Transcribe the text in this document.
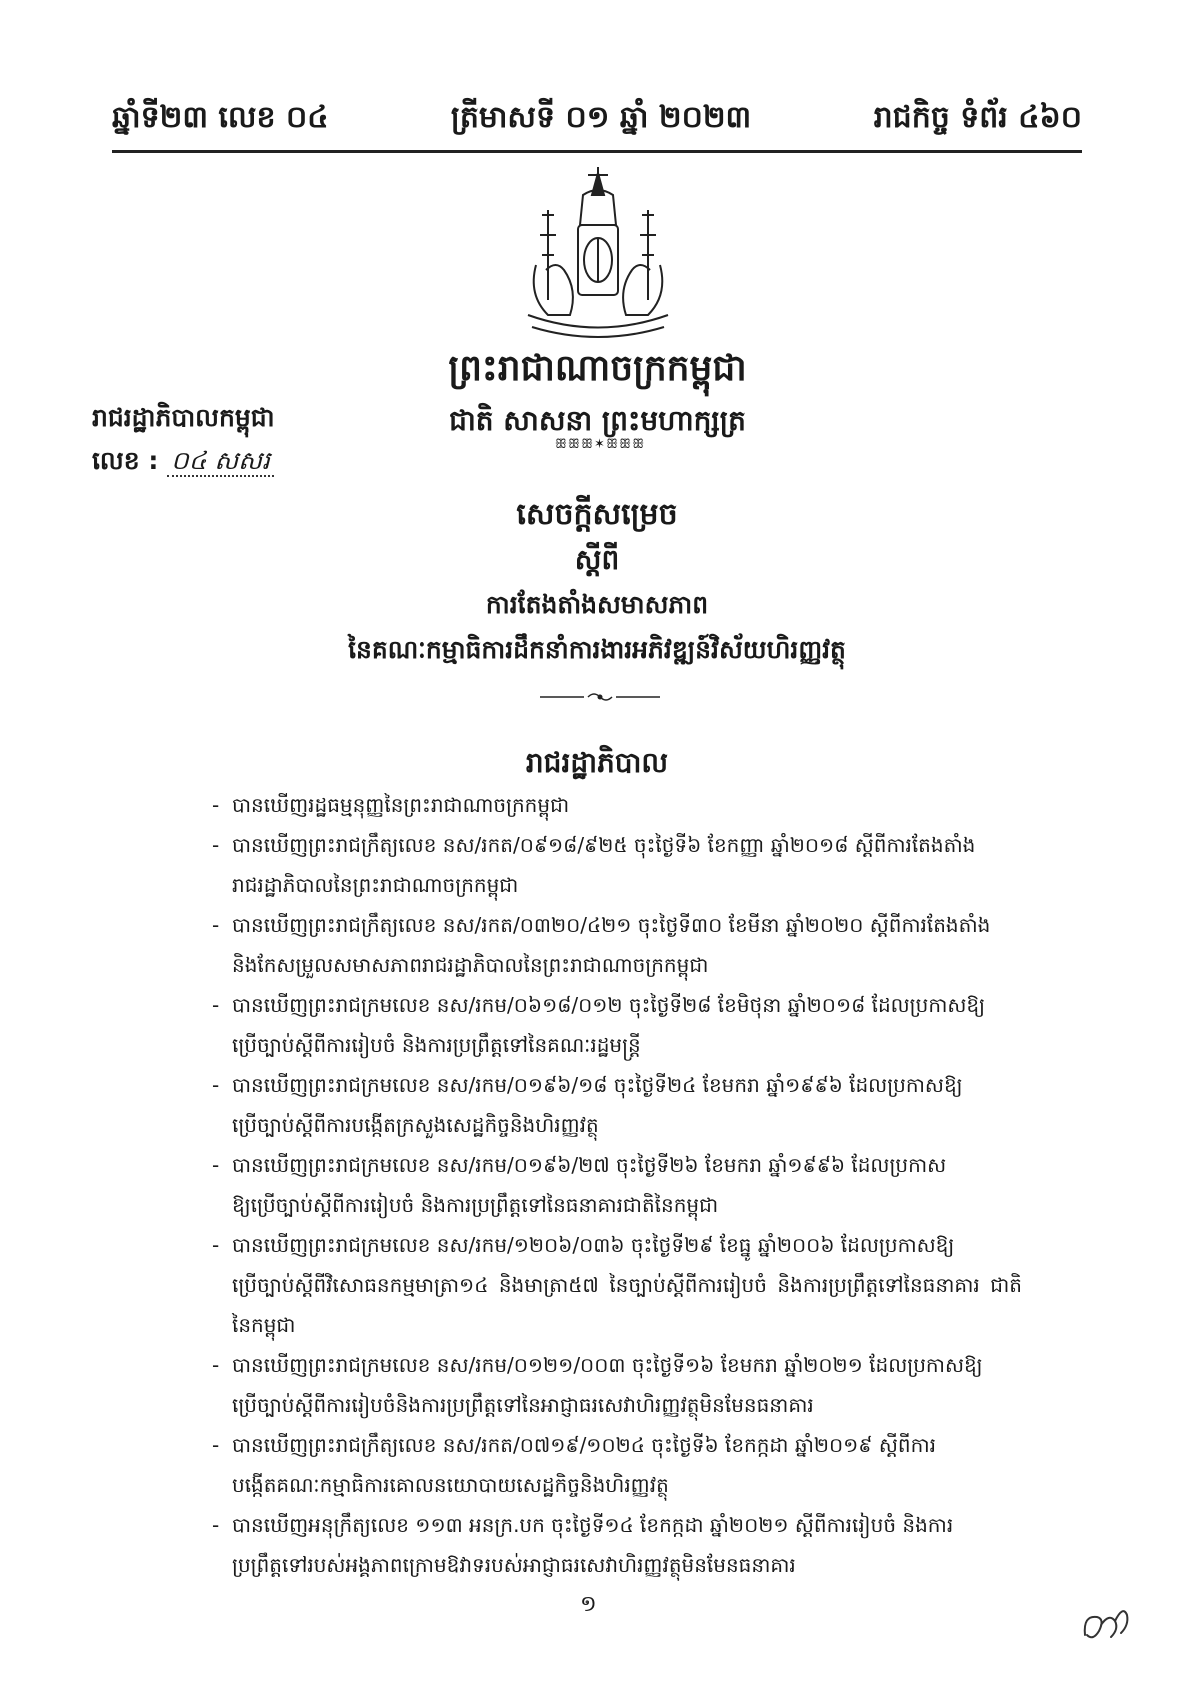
ឆ្នាំទី២៣ លេខ ០៤	ត្រីមាសទី ០១ ឆ្នាំ ២០២៣	រាជកិច្ច ទំព័រ ៤៦០
ព្រះរាជាណាចក្រកម្ពុជា
ជាតិ សាសនា ព្រះមហាក្សត្រ
ꕥꕥꕥ✶ꕥꕥꕥ
រាជរដ្ឋាភិបាលកម្ពុជា
លេខ : ០៤ សសរ
សេចក្ដីសម្រេច
ស្ដីពី
ការតែងតាំងសមាសភាព
នៃគណៈកម្មាធិការដឹកនាំការងារអភិវឌ្ឍន៍វិស័យហិរញ្ញវត្ថុ
រាជរដ្ឋាភិបាល
- បានឃើញរដ្ឋធម្មនុញ្ញនៃព្រះរាជាណាចក្រកម្ពុជា
- បានឃើញព្រះរាជក្រឹត្យលេខ នស/រកត/០៩១៨/៩២៥ ចុះថ្ងៃទី៦ ខែកញ្ញា ឆ្នាំ២០១៨ ស្ដីពីការតែងតាំង
រាជរដ្ឋាភិបាលនៃព្រះរាជាណាចក្រកម្ពុជា
- បានឃើញព្រះរាជក្រឹត្យលេខ នស/រកត/០៣២០/៤២១ ចុះថ្ងៃទី៣០ ខែមីនា ឆ្នាំ២០២០ ស្ដីពីការតែងតាំង
និងកែសម្រួលសមាសភាពរាជរដ្ឋាភិបាលនៃព្រះរាជាណាចក្រកម្ពុជា
- បានឃើញព្រះរាជក្រមលេខ នស/រកម/០៦១៨/០១២ ចុះថ្ងៃទី២៨ ខែមិថុនា ឆ្នាំ២០១៨ ដែលប្រកាសឱ្យ
ប្រើច្បាប់ស្ដីពីការរៀបចំ និងការប្រព្រឹត្តទៅនៃគណៈរដ្ឋមន្ត្រី
- បានឃើញព្រះរាជក្រមលេខ នស/រកម/០១៩៦/១៨ ចុះថ្ងៃទី២៤ ខែមករា ឆ្នាំ១៩៩៦ ដែលប្រកាសឱ្យ
ប្រើច្បាប់ស្ដីពីការបង្កើតក្រសួងសេដ្ឋកិច្ចនិងហិរញ្ញវត្ថុ
- បានឃើញព្រះរាជក្រមលេខ នស/រកម/០១៩៦/២៧ ចុះថ្ងៃទី២៦ ខែមករា ឆ្នាំ១៩៩៦ ដែលប្រកាស
ឱ្យប្រើច្បាប់ស្ដីពីការរៀបចំ និងការប្រព្រឹត្តទៅនៃធនាគារជាតិនៃកម្ពុជា
- បានឃើញព្រះរាជក្រមលេខ នស/រកម/១២០៦/០៣៦ ចុះថ្ងៃទី២៩ ខែធ្នូ ឆ្នាំ២០០៦ ដែលប្រកាសឱ្យ
ប្រើច្បាប់ស្ដីពីវិសោធនកម្មមាត្រា១៤ និងមាត្រា៥៧ នៃច្បាប់ស្ដីពីការរៀបចំ និងការប្រព្រឹត្តទៅនៃធនាគារ ជាតិនៃកម្ពុជា
- បានឃើញព្រះរាជក្រមលេខ នស/រកម/០១២១/០០៣ ចុះថ្ងៃទី១៦ ខែមករា ឆ្នាំ២០២១ ដែលប្រកាសឱ្យ
ប្រើច្បាប់ស្ដីពីការរៀបចំនិងការប្រព្រឹត្តទៅនៃអាជ្ញាធរសេវាហិរញ្ញវត្ថុមិនមែនធនាគារ
- បានឃើញព្រះរាជក្រឹត្យលេខ នស/រកត/០៧១៩/១០២៤ ចុះថ្ងៃទី៦ ខែកក្កដា ឆ្នាំ២០១៩ ស្ដីពីការ
បង្កើតគណៈកម្មាធិការគោលនយោបាយសេដ្ឋកិច្ចនិងហិរញ្ញវត្ថុ
- បានឃើញអនុក្រឹត្យលេខ ១១៣ អនក្រ.បក ចុះថ្ងៃទី១៤ ខែកក្កដា ឆ្នាំ២០២១ ស្ដីពីការរៀបចំ និងការ
ប្រព្រឹត្តទៅរបស់អង្គភាពក្រោមឱវាទរបស់អាជ្ញាធរសេវាហិរញ្ញវត្ថុមិនមែនធនាគារ
១
